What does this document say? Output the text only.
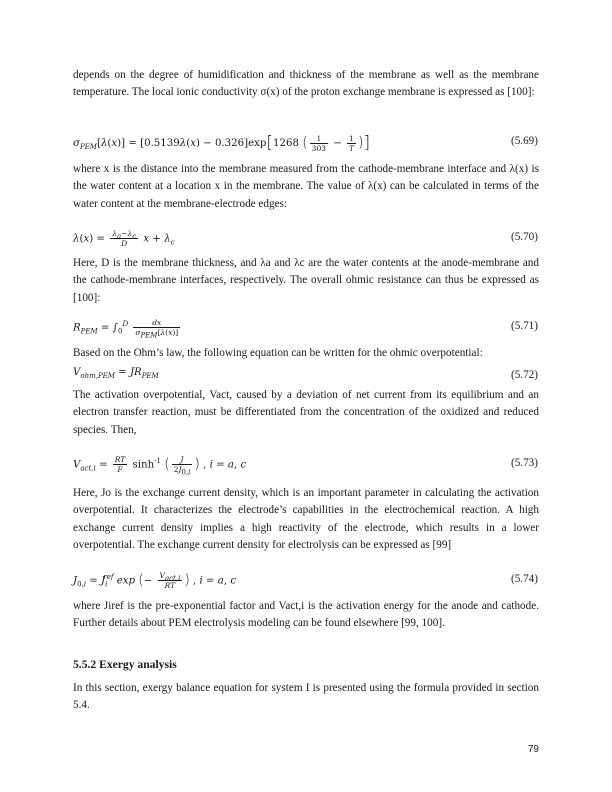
depends on the degree of humidification and thickness of the membrane as well as the membrane temperature. The local ionic conductivity σ(x) of the proton exchange membrane is expressed as [100]:

$\sigma_{PEM}[\lambda(x)] = [0.5139\lambda(x) - 0.326]\exp[1268$ ( $\frac{1}{303} - \frac{1}{T}$ )]	(5.69)

where x is the distance into the membrane measured from the cathode-membrane interface and λ(x) is the water content at a location x in the membrane. The value of λ(x) can be calculated in terms of the water content at the membrane-electrode edges:

$\lambda(x) = \frac{\lambda_a-\lambda_c}{D}$ $x + \lambda_c$	(5.70)

Here, D is the membrane thickness, and λa and λc are the water contents at the anode-membrane and the cathode-membrane interfaces, respectively. The overall ohmic resistance can thus be expressed as [100]:

$R_{PEM} = \int_0^D \frac{dx}{\sigma_{PEM}[\lambda(x)]}$	(5.71)

Based on the Ohm’s law, the following equation can be written for the ohmic overpotential:

$V_{ohm,PEM} = JR_{PEM}$	(5.72)

The activation overpotential, Vact, caused by a deviation of net current from its equilibrium and an electron transfer reaction, must be differentiated from the concentration of the oxidized and reduced species. Then,

$V_{act,i} = \frac{RT}{F} \sinh^{-1}$ ( $\frac{J}{2J_{0,i}}$ ) , i = a, c	(5.73)

Here, Jo is the exchange current density, which is an important parameter in calculating the activation overpotential. It characterizes the electrode’s capabilities in the electrochemical reaction. A high exchange current density implies a high reactivity of the electrode, which results in a lower overpotential. The exchange current density for electrolysis can be expressed as [99]

$J_{0,i} = J_i^{ref}$ exp (− $\frac{V_{act,i}}{RT}$ ) , i = a, c	(5.74)

where Jiref is the pre-exponential factor and Vact,i is the activation energy for the anode and cathode. Further details about PEM electrolysis modeling can be found elsewhere [99, 100].

5.5.2 Exergy analysis

In this section, exergy balance equation for system I is presented using the formula provided in section 5.4.

79
